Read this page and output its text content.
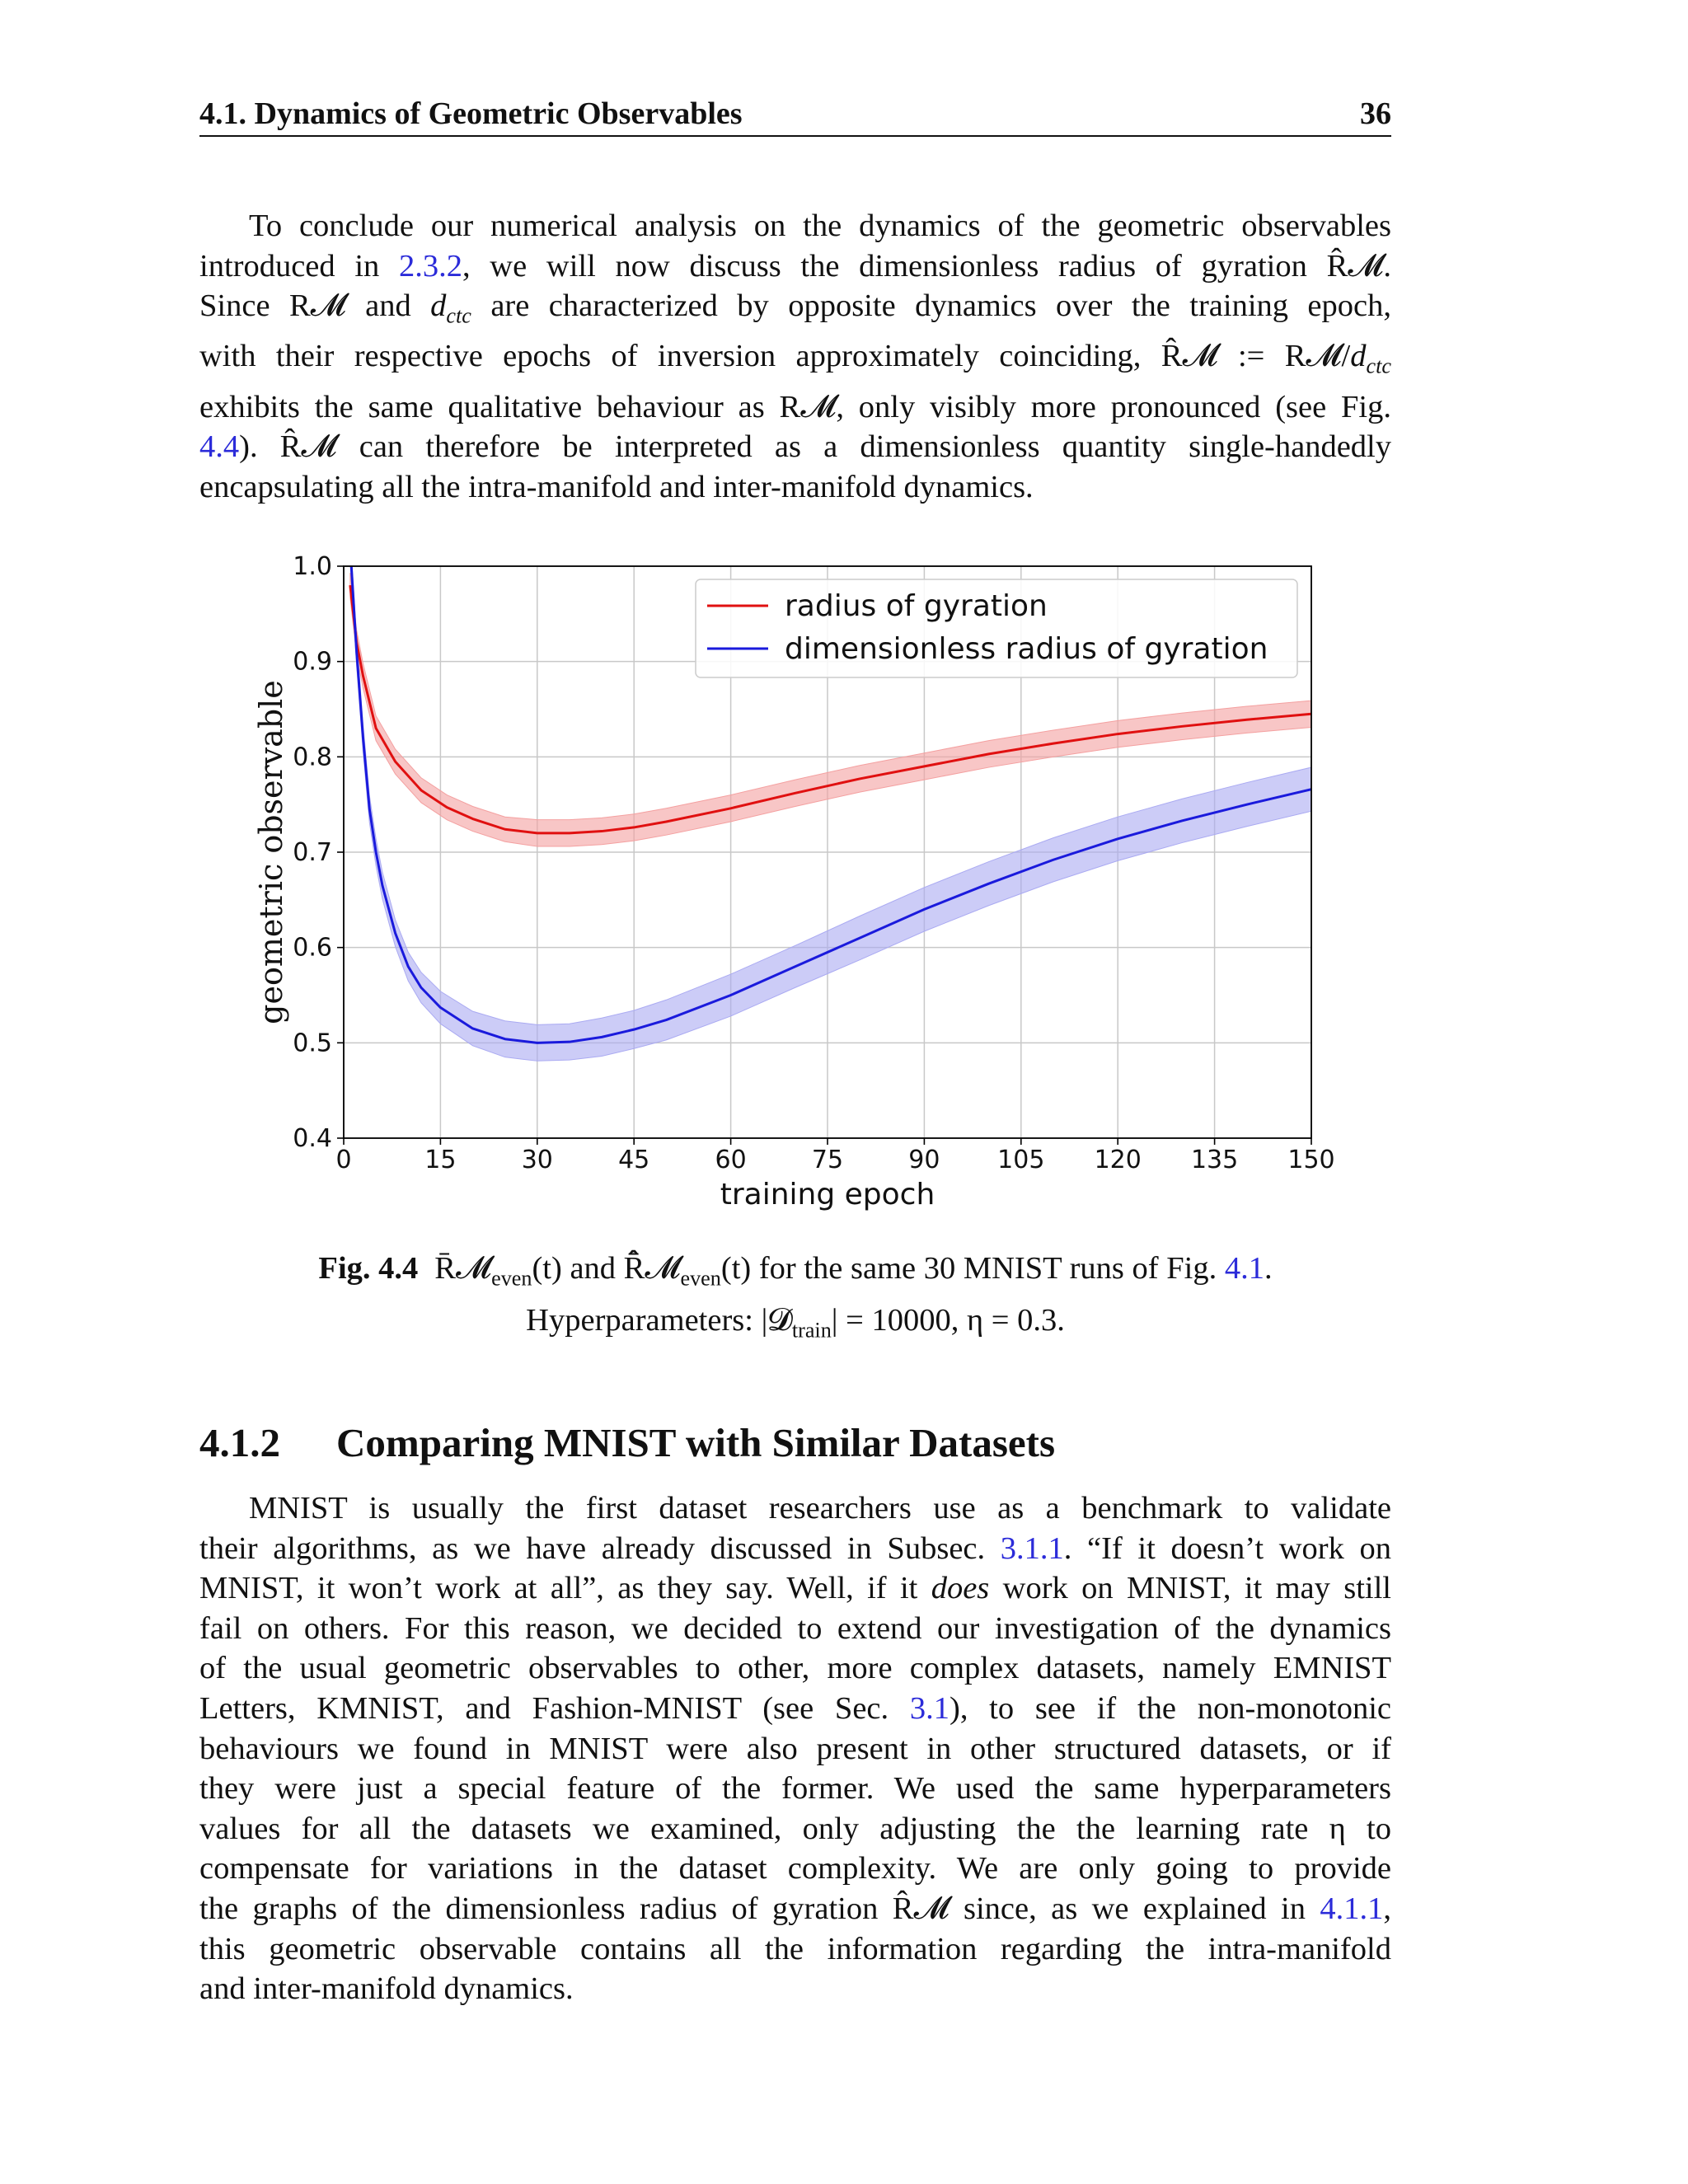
4.1. Dynamics of Geometric Observables	36
To conclude our numerical analysis on the dynamics of the geometric observables
introduced in 2.3.2, we will now discuss the dimensionless radius of gyration R̂𝓜.
Since R𝓜 and $d_{ctc}$ are characterized by opposite dynamics over the training epoch,
with their respective epochs of inversion approximately coinciding, R̂𝓜 := $R𝓜/d_{ctc}$
exhibits the same qualitative behaviour as R𝓜, only visibly more pronounced (see Fig.
4.4). R̂𝓜 can therefore be interpreted as a dimensionless quantity single-handedly
encapsulating all the intra-manifold and inter-manifold dynamics.
0	15	30	45	60	75	90 105 120 135 150
0.4
0.5
0.6
0.7
0.8
0.9
1.0
training epoch
geometric observable
radius of gyration
dimensionless radius of gyration
Fig. 4.4 R̄𝓜$_{even}$(t) and R̂̄𝓜$_{even}$(t) for the same 30 MNIST runs of Fig. 4.1.
Hyperparameters: |𝓓$_{train}$| = 10000, η = 0.3.
4.1.2 Comparing MNIST with Similar Datasets
MNIST is usually the first dataset researchers use as a benchmark to validate
their algorithms, as we have already discussed in Subsec. 3.1.1. “If it doesn’t work on
MNIST, it won’t work at all”, as they say. Well, if it does work on MNIST, it may still
fail on others. For this reason, we decided to extend our investigation of the dynamics
of the usual geometric observables to other, more complex datasets, namely EMNIST
Letters, KMNIST, and Fashion-MNIST (see Sec. 3.1), to see if the non-monotonic
behaviours we found in MNIST were also present in other structured datasets, or if
they were just a special feature of the former. We used the same hyperparameters
values for all the datasets we examined, only adjusting the the learning rate η to
compensate for variations in the dataset complexity. We are only going to provide
the graphs of the dimensionless radius of gyration R̂𝓜 since, as we explained in 4.1.1,
this geometric observable contains all the information regarding the intra-manifold
and inter-manifold dynamics.
